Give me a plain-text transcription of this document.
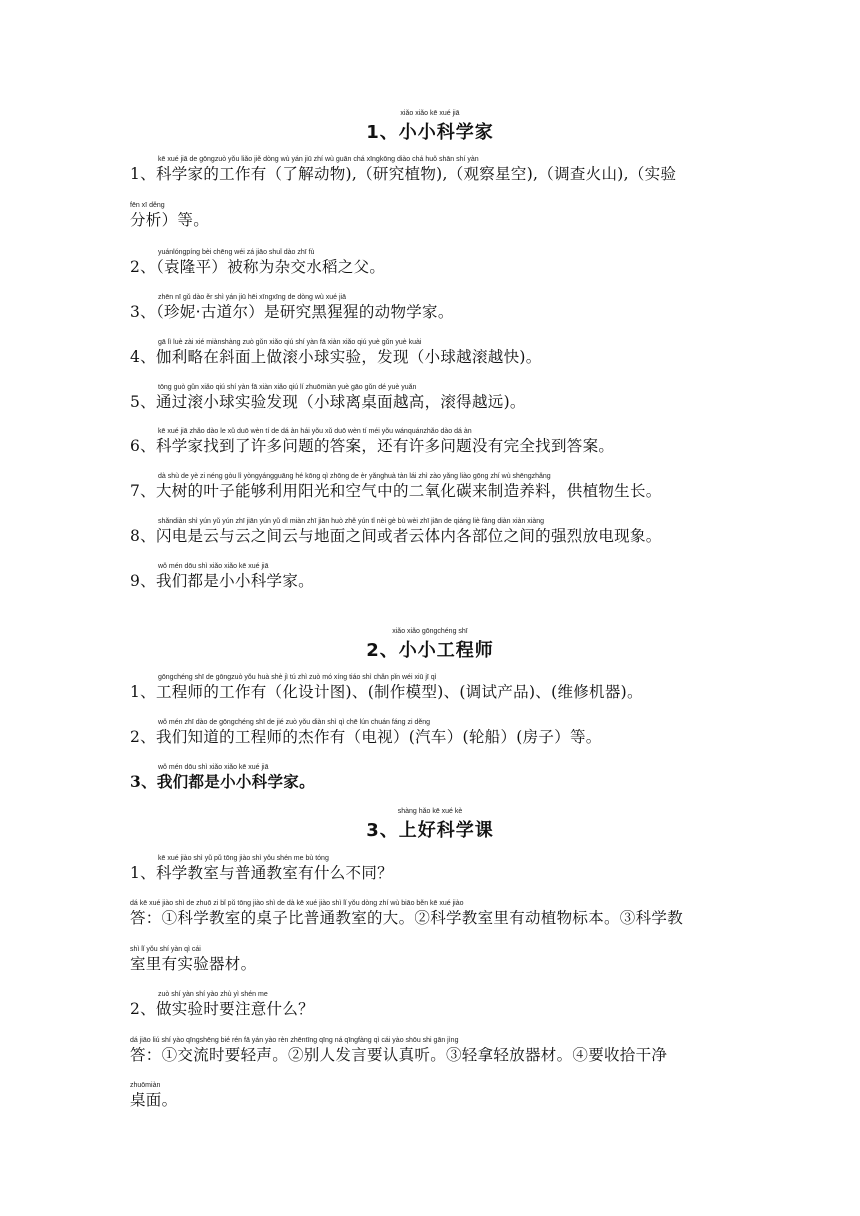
xiǎo xiǎo kē xué jiā
1、小小科学家
kē xué jiā de gōngzuò yǒu liǎo jiě dòng wù yán jiū zhí wù guān chá xīngkōng diào chá huǒ shān shí yàn
1、科学家的工作有（了解动物),（研究植物),（观察星空),（调查火山),（实验
fēn xī děng
分析）等。
yuánlóngpíng bèi chēng wéi zá jiāo shuǐ dào zhī fù
2、（袁隆平）被称为杂交水稻之父。
zhēn nī gǔ dào ěr shì yán jiū hēi xīngxīng de dòng wù xué jiā
3、（珍妮·古道尔）是研究黑猩猩的动物学家。
gā lì luè zài xié miànshàng zuò gǔn xiǎo qiú shí yàn fā xiàn xiǎo qiú yuè gǔn yuè kuài
4、伽利略在斜面上做滚小球实验，发现（小球越滚越快)。
tōng guò gǔn xiǎo qiú shí yàn fā xiàn xiǎo qiú lí zhuōmiàn yuè gāo gǔn dé yuè yuǎn
5、通过滚小球实验发现（小球离桌面越高，滚得越远)。
kē xué jiā zhǎo dào le xǔ duō wèn tí de dá àn hái yǒu xǔ duō wèn tí méi yǒu wánquánzhǎo dào dá àn
6、科学家找到了许多问题的答案，还有许多问题没有完全找到答案。
dà shù de yè zi néng gòu lì yòngyángguāng hé kōng qì zhōng de èr yǎnghuà tàn lái zhì zào yǎng liào gōng zhí wù shēngzhǎng
7、大树的叶子能够利用阳光和空气中的二氧化碳来制造养料，供植物生长。
shǎndiàn shì yún yǔ yún zhī jiān yún yǔ dì miàn zhī jiān huò zhě yún tǐ nèi gè bù wèi zhī jiān de qiáng liè fàng diàn xiàn xiàng
8、闪电是云与云之间云与地面之间或者云体内各部位之间的强烈放电现象。
wǒ mén dōu shì xiǎo xiǎo kē xué jiā
9、我们都是小小科学家。
xiǎo xiǎo gōngchéng shī
2、小小工程师
gōngchéng shī de gōngzuò yǒu huà shè jì tú zhì zuò mó xíng tiáo shì chǎn pǐn wéi xiū jī qì
1、工程师的工作有（化设计图)、(制作模型)、(调试产品)、(维修机器)。
wǒ mén zhī dào de gōngchéng shī de jié zuò yǒu diàn shì qì chē lún chuán fáng zi děng
2、我们知道的工程师的杰作有（电视）(汽车）(轮船）(房子）等。
wǒ mén dōu shì xiǎo xiǎo kē xué jiā
3、我们都是小小科学家。
shàng hǎo kē xué kè
3、上好科学课
kē xué jiào shì yǔ pǔ tōng jiào shì yǒu shén me bù tóng
1、科学教室与普通教室有什么不同？
dá kē xué jiào shì de zhuō zi bǐ pǔ tōng jiào shì de dà kē xué jiào shì lǐ yǒu dòng zhí wù biāo běn kē xué jiào
答：①科学教室的桌子比普通教室的大。②科学教室里有动植物标本。③科学教
shì lǐ yǒu shí yàn qì cái
室里有实验器材。
zuò shí yàn shí yào zhù yì shén me
2、做实验时要注意什么？
dá jiāo liú shí yào qīngshēng bié rén fā yán yào rèn zhēntīng qīng ná qīngfàng qì cái yào shōu shi gān jìng
答：①交流时要轻声。②别人发言要认真听。③轻拿轻放器材。④要收拾干净
zhuōmiàn
桌面。
